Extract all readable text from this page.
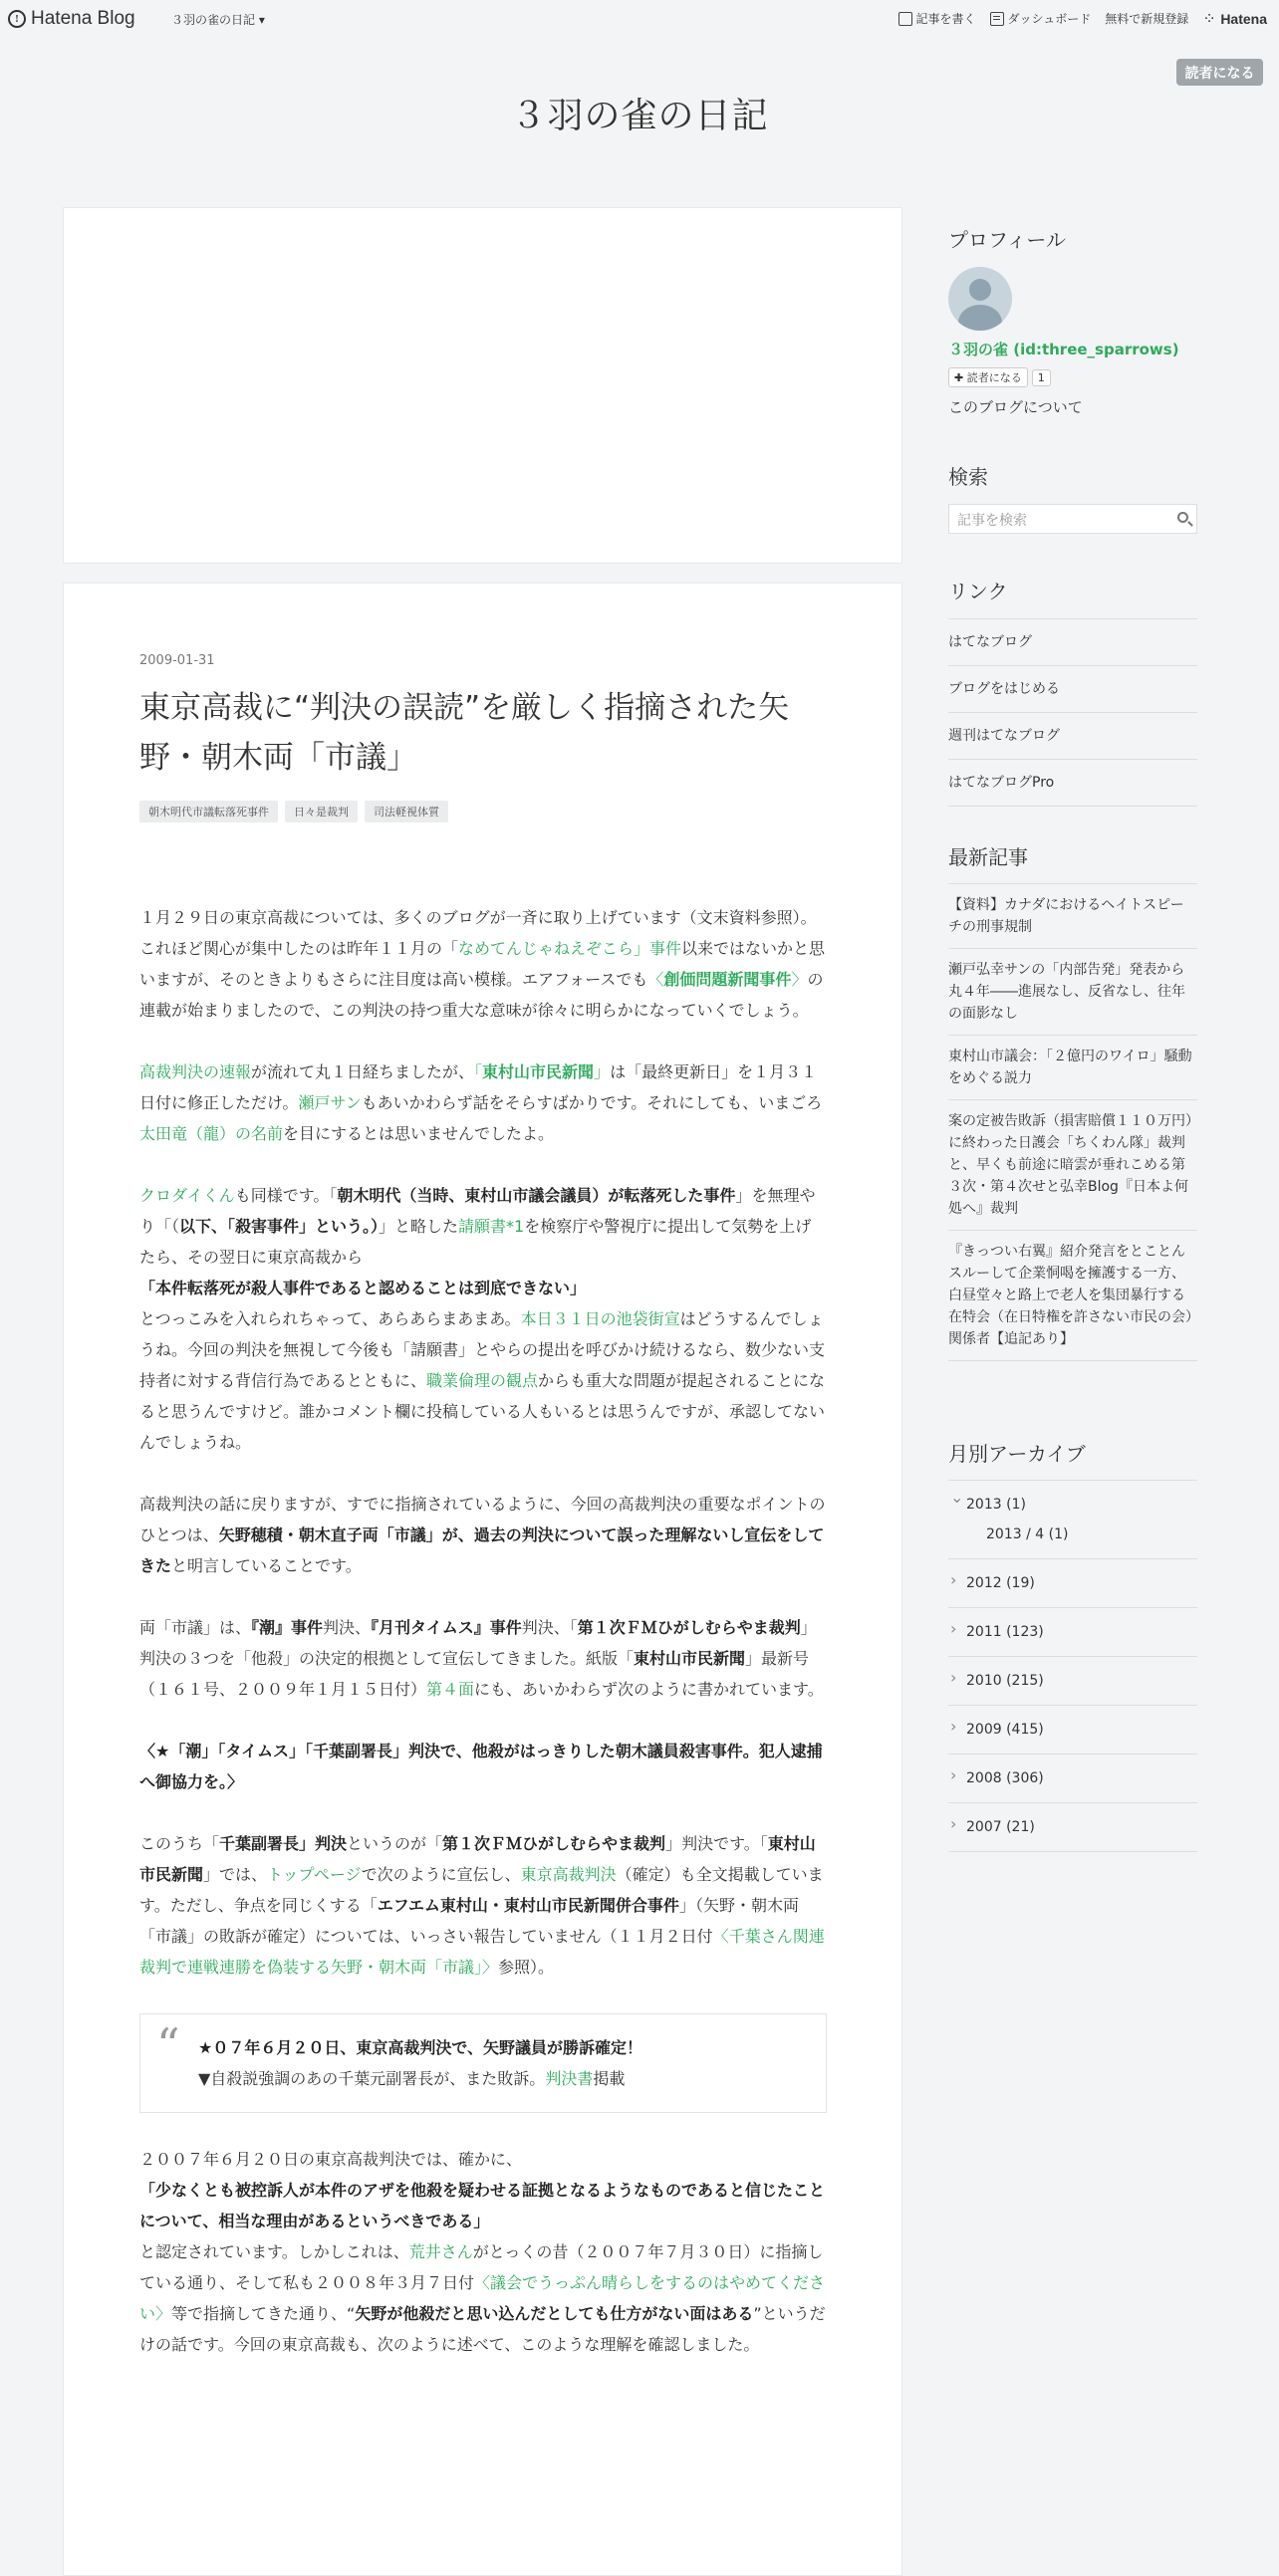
! Hatena Blog	３羽の雀の日記 ▾	記事を書く	ダッシュボード 無料で新規登録
⁘ Hatena
読者になる
３羽の雀の日記
2009-01-31
東京高裁に“判決の誤読”を厳しく指摘された矢野・朝木両「市議」
朝木明代市議転落死事件	日々是裁判	司法軽視体質

１月２９日の東京高裁については、多くのブログが一斉に取り上げています（文末資料参照）。これほど関心が集中したのは昨年１１月の「なめてんじゃねえぞこら」事件以来ではないかと思いますが、そのときよりもさらに注目度は高い模様。エアフォースでも〈創価問題新聞事件〉の連載が始まりましたので、この判決の持つ重大な意味が徐々に明らかになっていくでしょう。

高裁判決の速報が流れて丸１日経ちましたが、「東村山市民新聞」は「最終更新日」を１月３１日付に修正しただけ。瀬戸サンもあいかわらず話をそらすばかりです。それにしても、いまごろ太田竜（龍）の名前を目にするとは思いませんでしたよ。

クロダイくんも同様です。「朝木明代（当時、東村山市議会議員）が転落死した事件」を無理やり「（以下、「殺害事件」という。）」と略した請願書*1を検察庁や警視庁に提出して気勢を上げたら、その翌日に東京高裁から
「本件転落死が殺人事件であると認めることは到底できない」
とつっこみを入れられちゃって、あらあらまあまあ。本日３１日の池袋街宣はどうするんでしょうね。今回の判決を無視して今後も「請願書」とやらの提出を呼びかけ続けるなら、数少ない支持者に対する背信行為であるとともに、職業倫理の観点からも重大な問題が提起されることになると思うんですけど。誰かコメント欄に投稿している人もいるとは思うんですが、承認してないんでしょうね。

高裁判決の話に戻りますが、すでに指摘されているように、今回の高裁判決の重要なポイントのひとつは、矢野穂積・朝木直子両「市議」が、過去の判決について誤った理解ないし宣伝をしてきたと明言していることです。

両「市議」は、『潮』事件判決、『月刊タイムス』事件判決、「第１次ＦＭひがしむらやま裁判」判決の３つを「他殺」の決定的根拠として宣伝してきました。紙版「東村山市民新聞」最新号（１６１号、２００９年１月１５日付）第４面にも、あいかわらず次のように書かれています。

〈★「潮」「タイムス」「千葉副署長」判決で、他殺がはっきりした朝木議員殺害事件。犯人逮捕へ御協力を。〉

このうち「千葉副署長」判決というのが「第１次ＦＭひがしむらやま裁判」判決です。「東村山市民新聞」では、トップページで次のように宣伝し、東京高裁判決（確定）も全文掲載しています。ただし、争点を同じくする「エフエム東村山・東村山市民新聞併合事件」（矢野・朝木両「市議」の敗訴が確定）については、いっさい報告していません（１１月２日付〈千葉さん関連裁判で連戦連勝を偽装する矢野・朝木両「市議」〉参照）。

“ ★０７年６月２０日、東京高裁判決で、矢野議員が勝訴確定！
▼自殺説強調のあの千葉元副署長が、また敗訴。判決書掲載

２００７年６月２０日の東京高裁判決では、確かに、
「少なくとも被控訴人が本件のアザを他殺を疑わせる証拠となるようなものであると信じたことについて、相当な理由があるというべきである」
と認定されています。しかしこれは、荒井さんがとっくの昔（２００７年７月３０日）に指摘している通り、そして私も２００８年３月７日付〈議会でうっぷん晴らしをするのはやめてください〉等で指摘してきた通り、“矢野が他殺だと思い込んだとしても仕方がない面はある”というだけの話です。今回の東京高裁も、次のように述べて、このような理解を確認しました。

プロフィール
３羽の雀 (id:three_sparrows)
✚ 読者になる	1
このブログについて
検索
記事を検索
リンク
はてなブログ
ブログをはじめる
週刊はてなブログ
はてなブログPro
最新記事
【資料】カナダにおけるヘイトスピーチの刑事規制
瀬戸弘幸サンの「内部告発」発表から丸４年――進展なし、反省なし、往年の面影なし
東村山市議会：「２億円のワイロ」騒動をめぐる説力
案の定被告敗訴（損害賠償１１０万円）に終わった日護会「ちくわん隊」裁判と、早くも前途に暗雲が垂れこめる第３次・第４次せと弘幸Blog『日本よ何処へ』裁判
『きっつい右翼』紹介発言をとことんスルーして企業恫喝を擁護する一方、白昼堂々と路上で老人を集団暴行する在特会（在日特権を許さない市民の会）関係者【追記あり】
月別アーカイブ
⌄ 2013 (1)
2013 / 4 (1)
› 2012 (19)
› 2011 (123)
› 2010 (215)
› 2009 (415)
› 2008 (306)
› 2007 (21)
